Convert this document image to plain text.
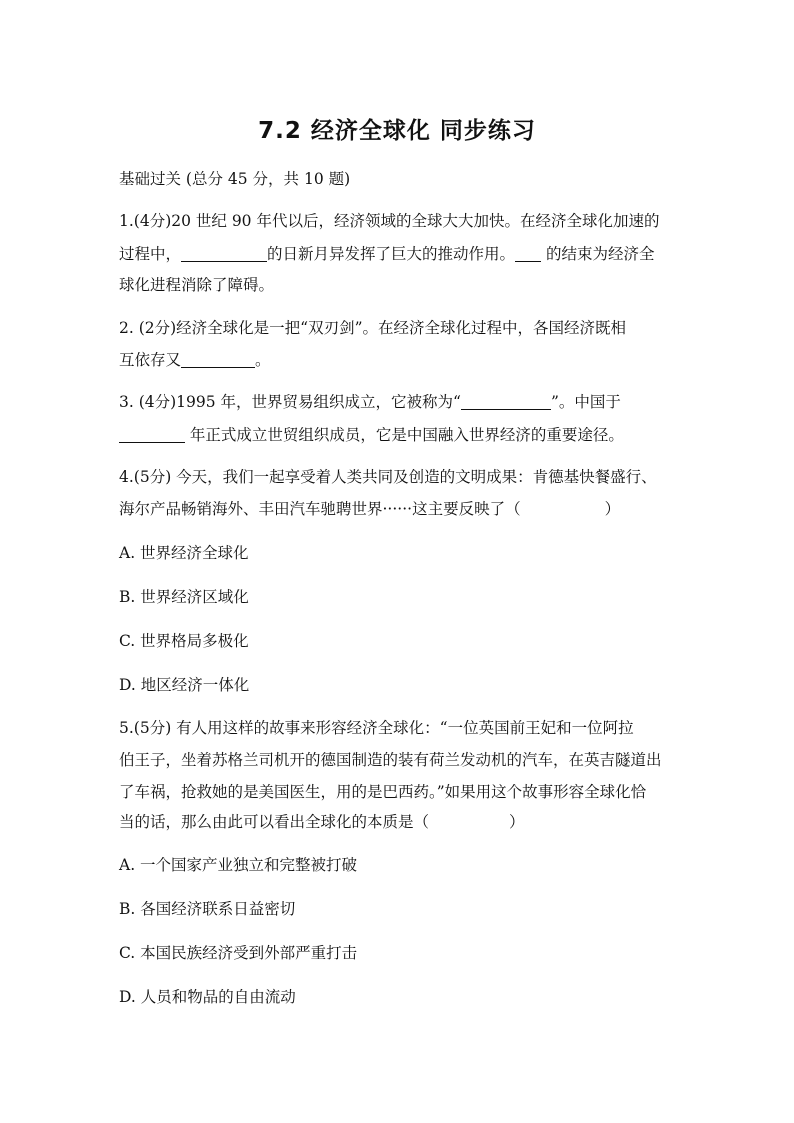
7.2 经济全球化 同步练习
基础过关 (总分 45 分，共 10 题)
1.(4分)20 世纪 90 年代以后，经济领域的全球大大加快。在经济全球化加速的
过程中，	的日新月异发挥了巨大的推动作用。 的结束为经济全
球化进程消除了障碍。
2. (2分)经济全球化是一把“双刃剑”。在经济全球化过程中，各国经济既相
互依存又	。
3. (4分)1995 年，世界贸易组织成立，它被称为“	”。中国于
年正式成立世贸组织成员，它是中国融入世界经济的重要途径。
4.(5分) 今天，我们一起享受着人类共同及创造的文明成果：肯德基快餐盛行、
海尔产品畅销海外、丰田汽车驰聘世界······这主要反映了（	）
A. 世界经济全球化
B. 世界经济区域化
C. 世界格局多极化
D. 地区经济一体化
5.(5分) 有人用这样的故事来形容经济全球化：“一位英国前王妃和一位阿拉
伯王子，坐着苏格兰司机开的德国制造的装有荷兰发动机的汽车，在英吉隧道出
了车祸，抢救她的是美国医生，用的是巴西药。”如果用这个故事形容全球化恰
当的话，那么由此可以看出全球化的本质是（	）
A. 一个国家产业独立和完整被打破
B. 各国经济联系日益密切
C. 本国民族经济受到外部严重打击
D. 人员和物品的自由流动
